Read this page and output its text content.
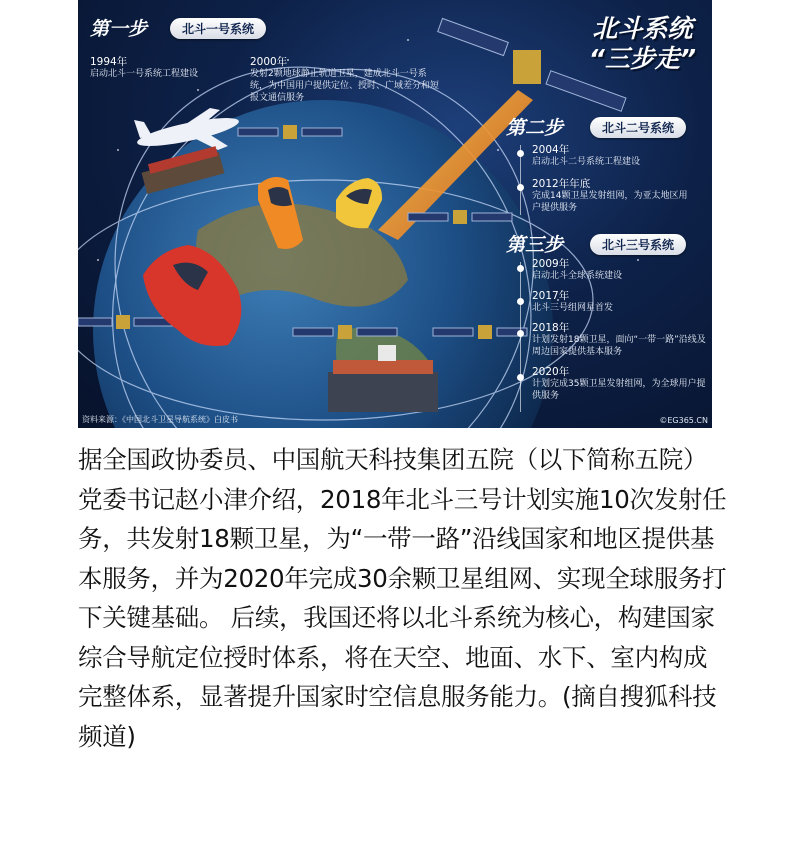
北斗系统
“三步走”
第一步	北斗一号系统
1994年
启动北斗一号系统工程建设
2000年
发射2颗地球静止轨道卫星，建成北斗一号系统，为中国用户提供定位、授时、广域差分和短报文通信服务
第二步	北斗二号系统
2004年
启动北斗二号系统工程建设
2012年年底
完成14颗卫星发射组网，为亚太地区用户提供服务
第三步	北斗三号系统
2009年
启动北斗全球系统建设
2017年
北斗三号组网星首发
2018年
计划发射18颗卫星，面向“一带一路”沿线及周边国家提供基本服务
2020年
计划完成35颗卫星发射组网，为全球用户提供服务
资料来源：《中国北斗卫星导航系统》白皮书	©EG365.CN
据全国政协委员、中国航天科技集团五院（以下简称五院）党委书记赵小津介绍，2018年北斗三号计划实施10次发射任务，共发射18颗卫星，为“一带一路”沿线国家和地区提供基本服务，并为2020年完成30余颗卫星组网、实现全球服务打下关键基础。 后续，我国还将以北斗系统为核心，构建国家综合导航定位授时体系，将在天空、地面、水下、室内构成完整体系，显著提升国家时空信息服务能力。(摘自搜狐科技频道)
